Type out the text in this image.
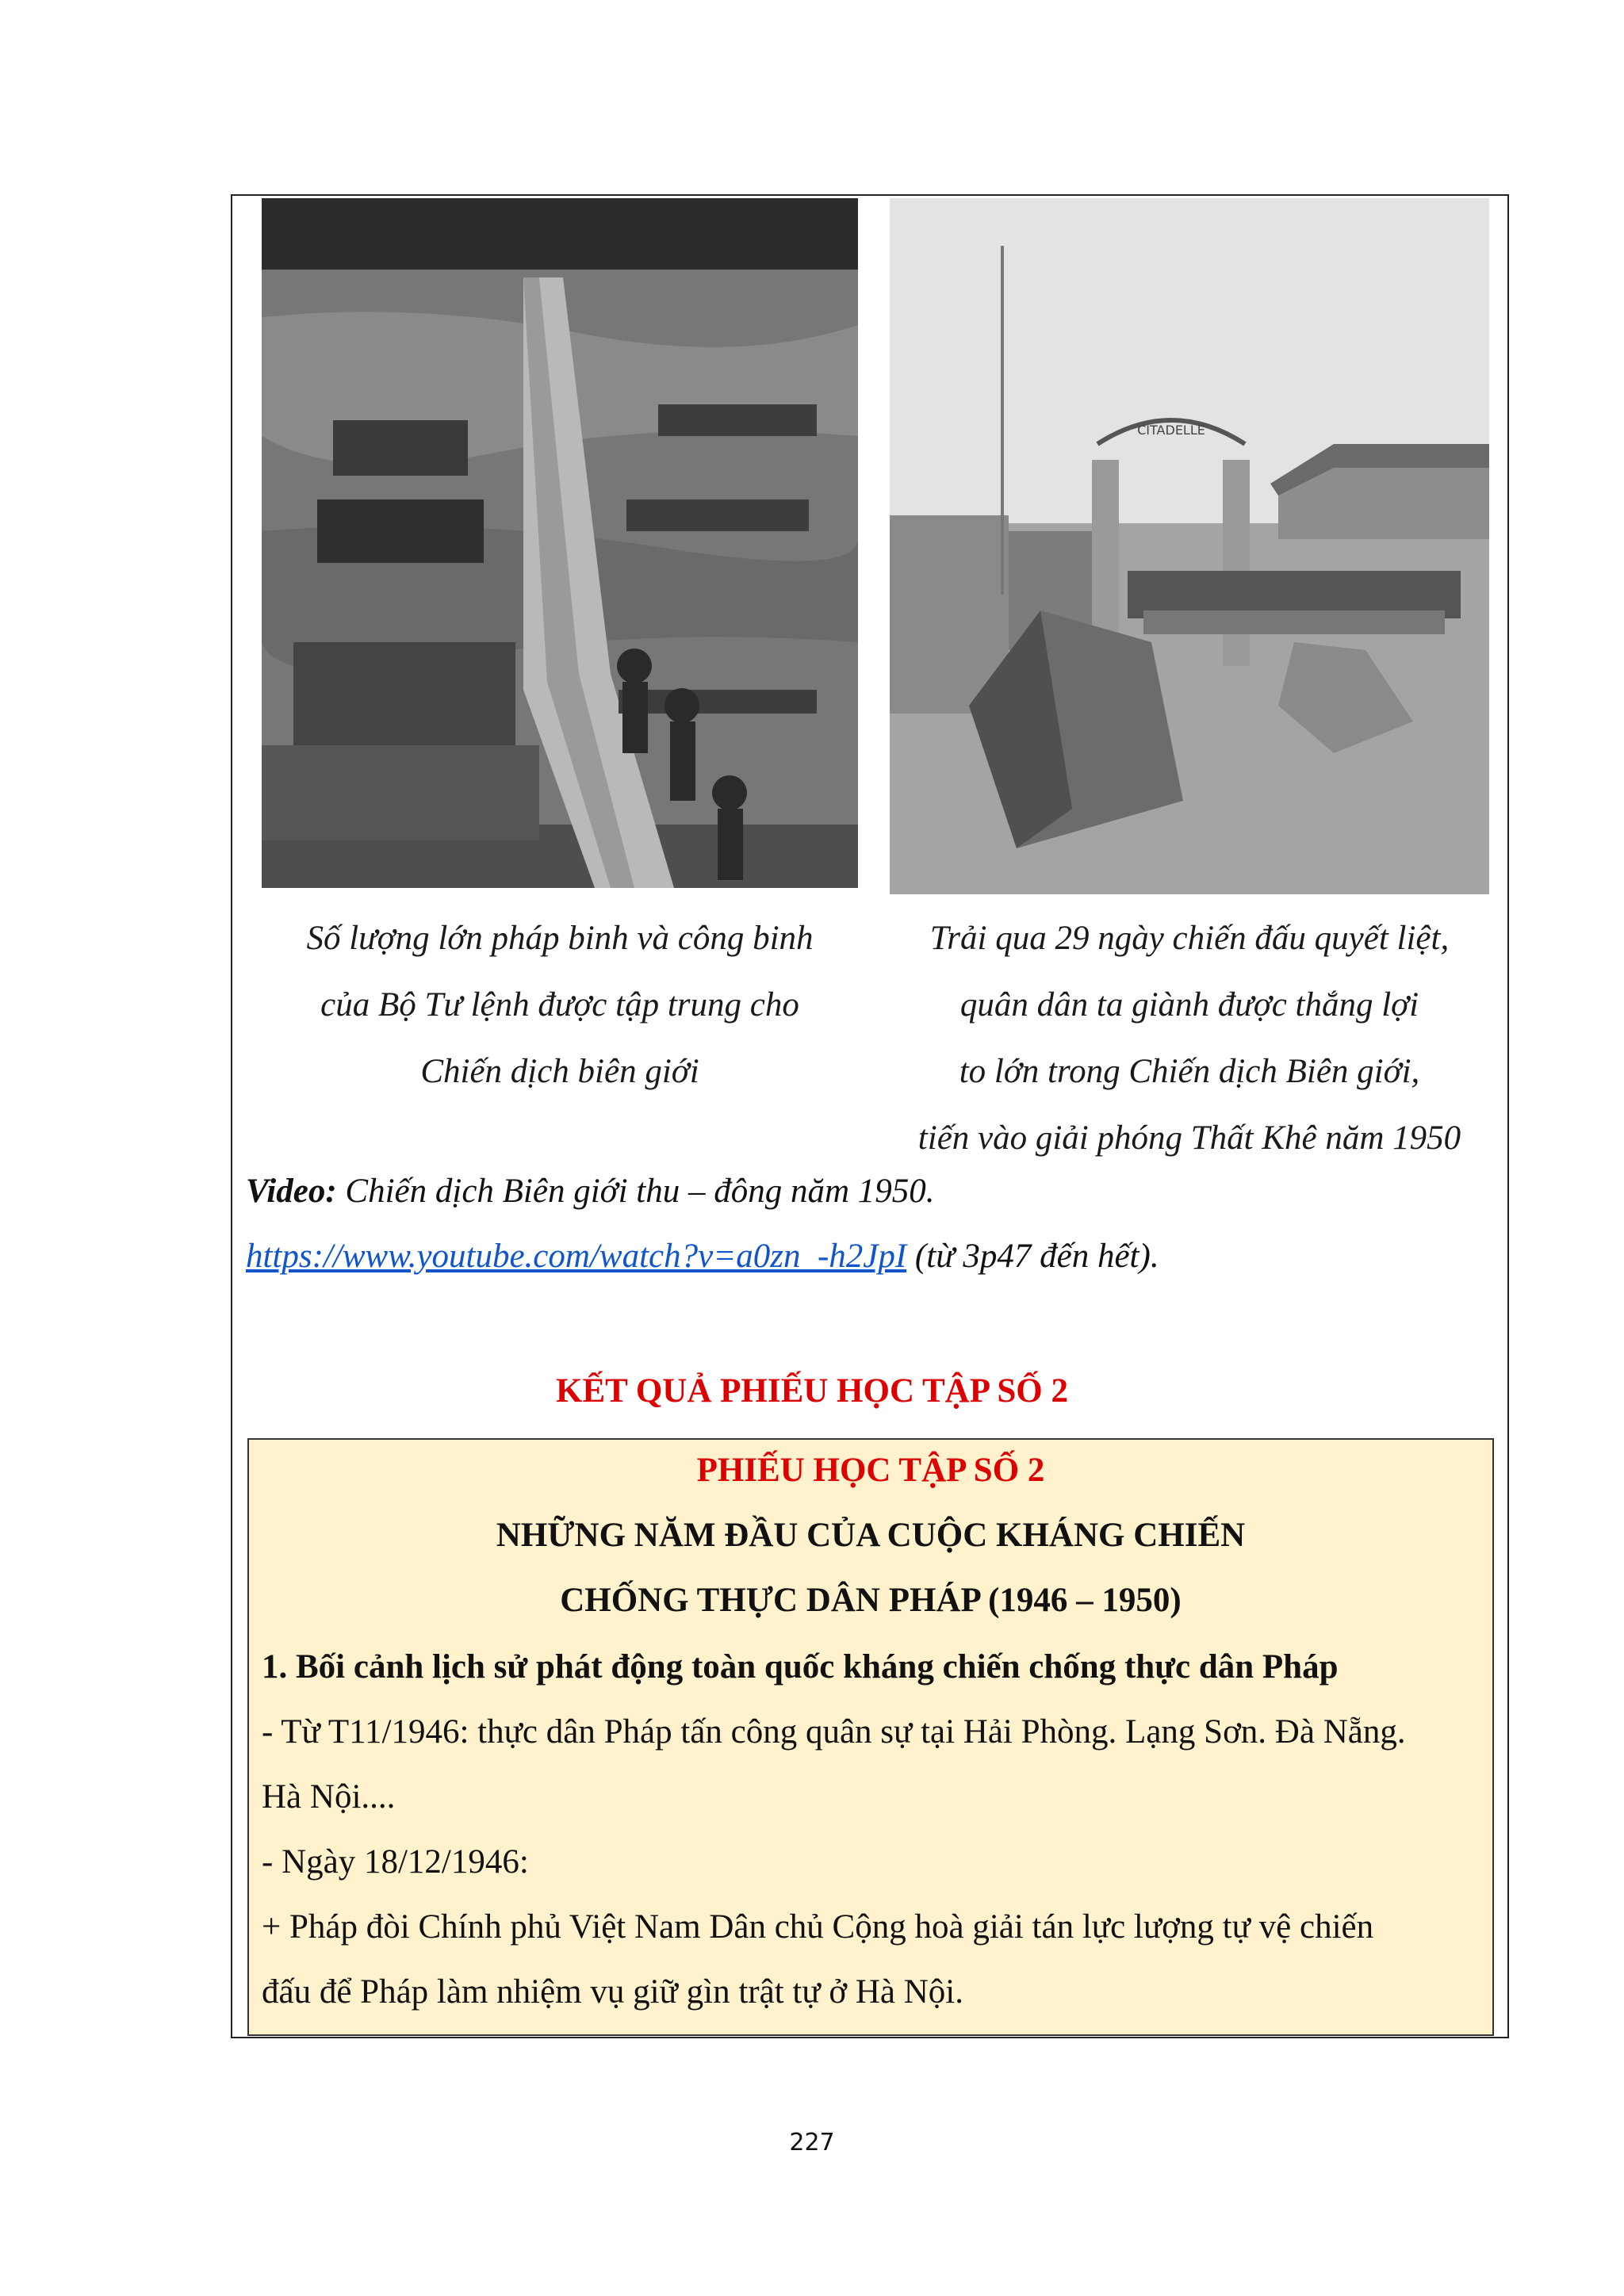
CITADELLE
Số lượng lớn pháp binh và công binh
của Bộ Tư lệnh được tập trung cho
Chiến dịch biên giới
Trải qua 29 ngày chiến đấu quyết liệt,
quân dân ta giành được thắng lợi
to lớn trong Chiến dịch Biên giới,
tiến vào giải phóng Thất Khê năm 1950
Video: Chiến dịch Biên giới thu – đông năm 1950.
https://www.youtube.com/watch?v=a0zn_-h2JpI (từ 3p47 đến hết).
KẾT QUẢ PHIẾU HỌC TẬP SỐ 2
PHIẾU HỌC TẬP SỐ 2
NHỮNG NĂM ĐẦU CỦA CUỘC KHÁNG CHIẾN
CHỐNG THỰC DÂN PHÁP (1946 – 1950)
1. Bối cảnh lịch sử phát động toàn quốc kháng chiến chống thực dân Pháp
- Từ T11/1946: thực dân Pháp tấn công quân sự tại Hải Phòng. Lạng Sơn. Đà Nẵng.
Hà Nội....
- Ngày 18/12/1946:
+ Pháp đòi Chính phủ Việt Nam Dân chủ Cộng hoà giải tán lực lượng tự vệ chiến
đấu để Pháp làm nhiệm vụ giữ gìn trật tự ở Hà Nội.
227
